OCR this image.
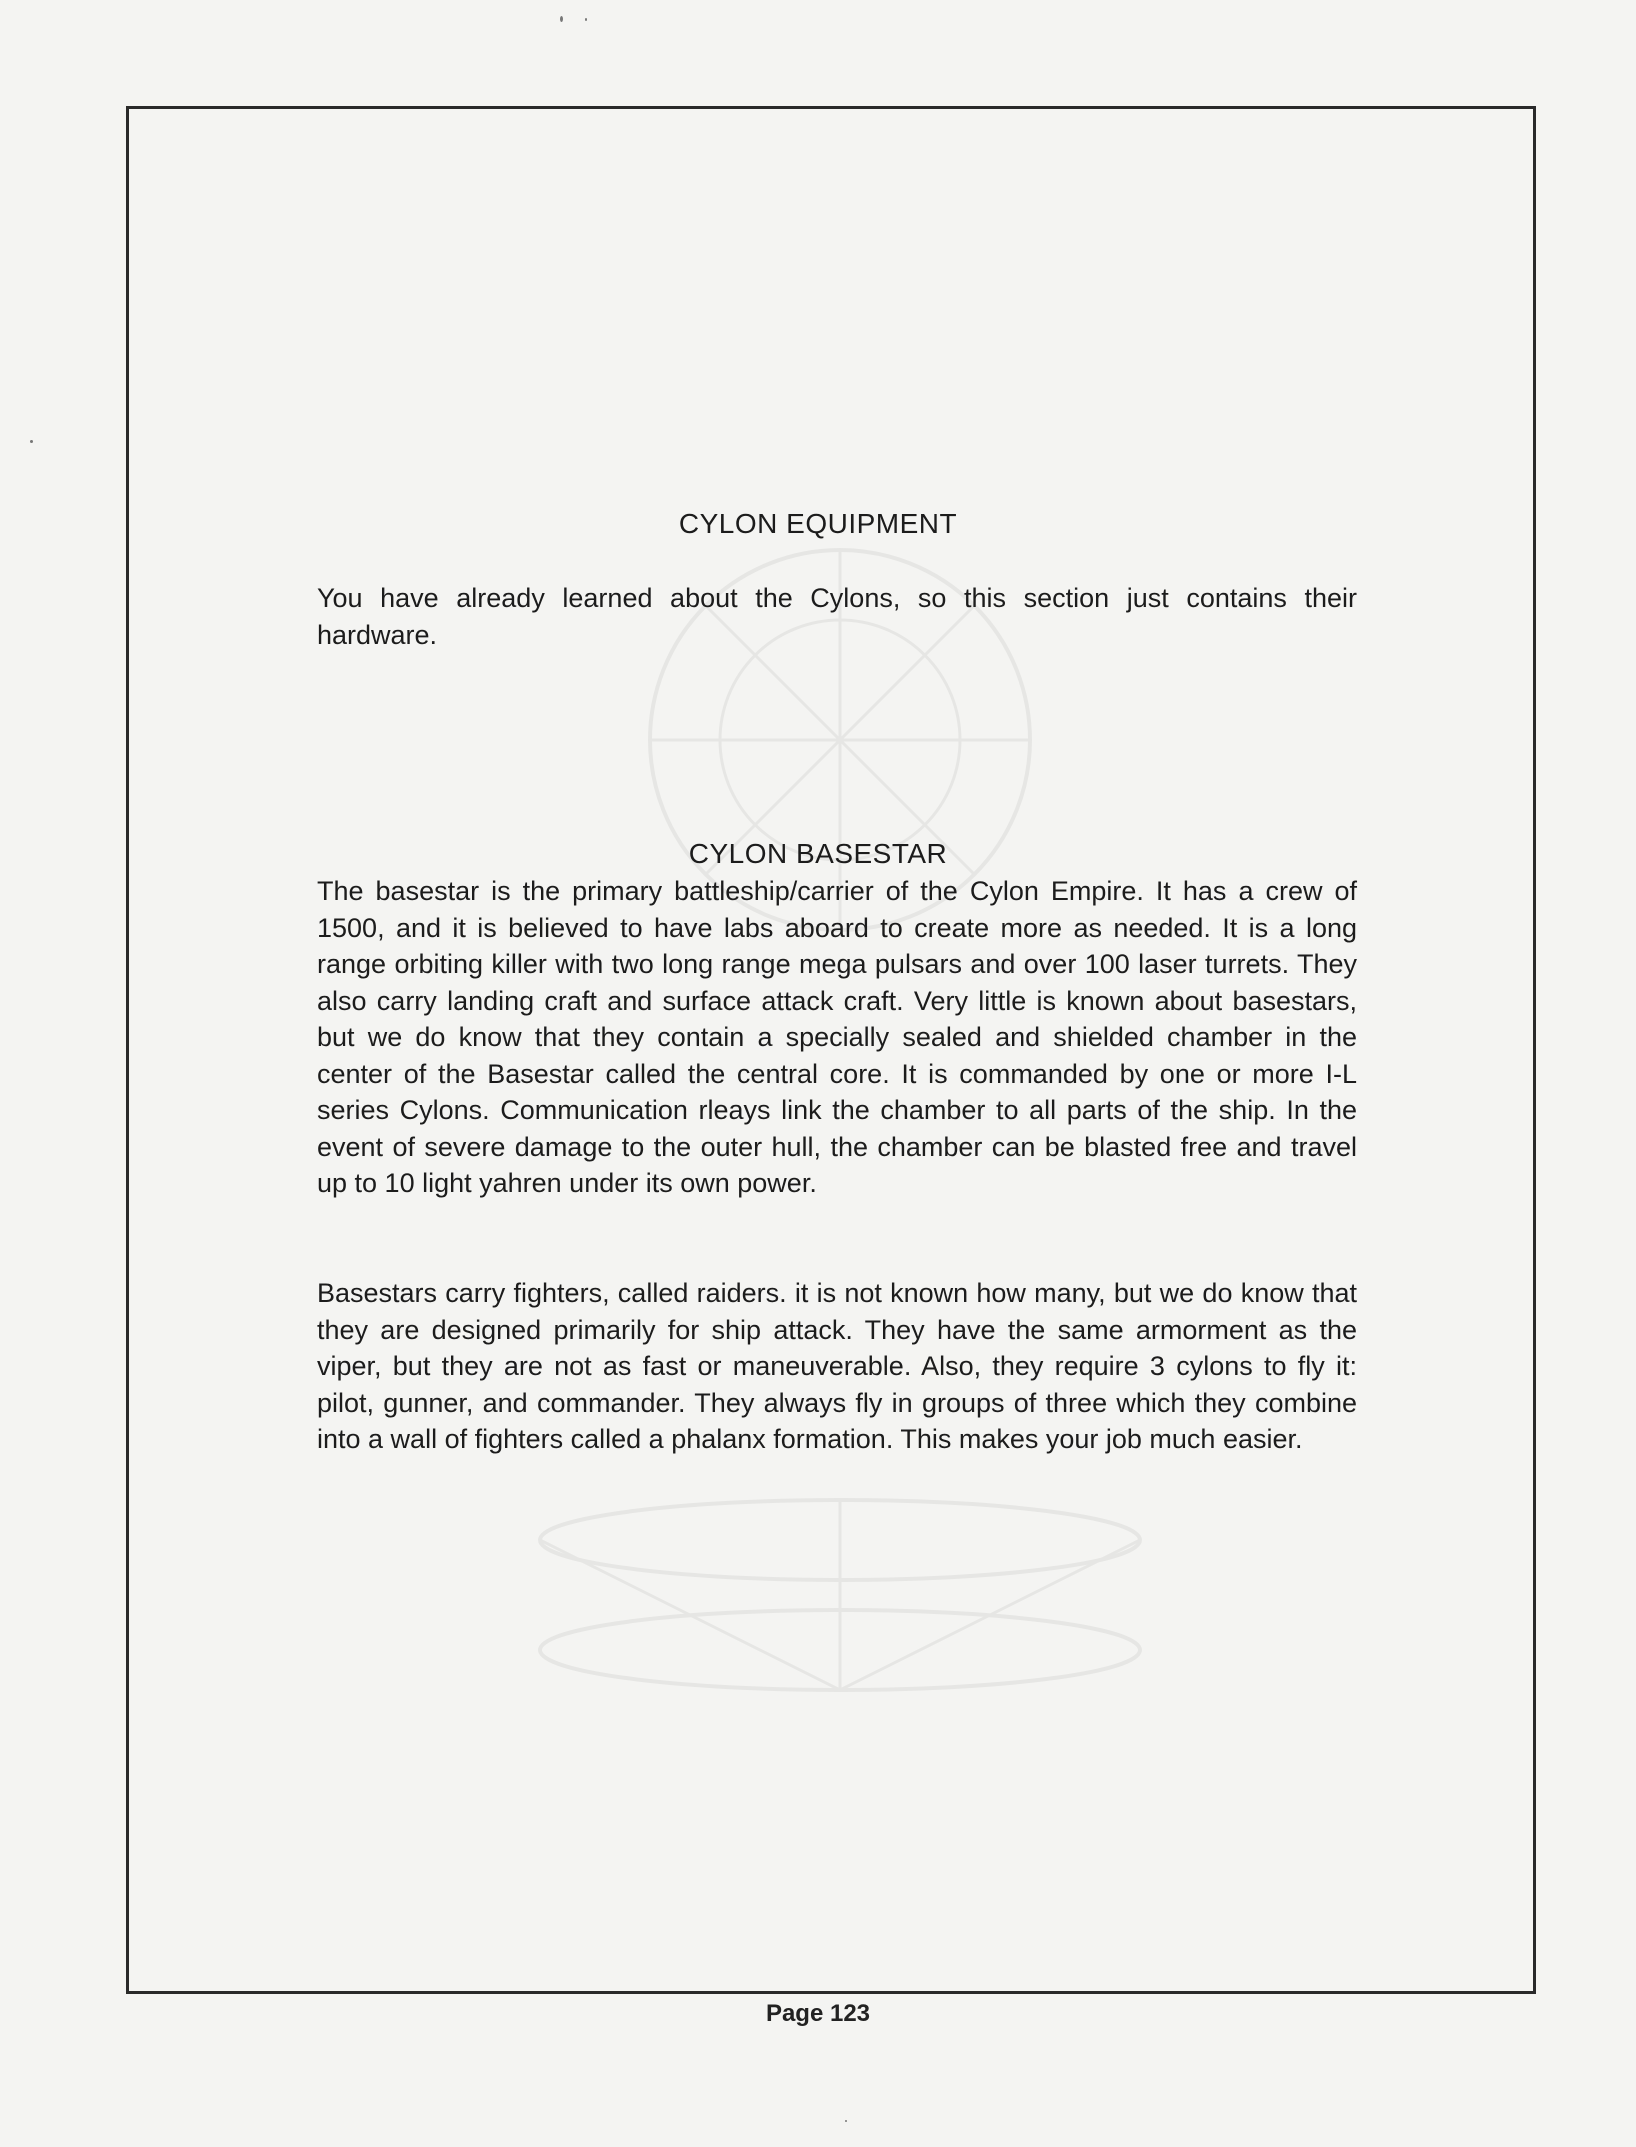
CYLON EQUIPMENT

You have already learned about the Cylons, so this section just contains their hardware.

CYLON BASESTAR

The basestar is the primary battleship/carrier of the Cylon Empire. It has a crew of 1500, and it is believed to have labs aboard to create more as needed. It is a long range orbiting killer with two long range mega pulsars and over 100 laser turrets. They also carry landing craft and surface attack craft. Very little is known about basestars, but we do know that they contain a specially sealed and shielded chamber in the center of the Basestar called the central core. It is commanded by one or more I-L series Cylons. Communication rleays link the chamber to all parts of the ship. In the event of severe damage to the outer hull, the chamber can be blasted free and travel up to 10 light yahren under its own power.

Basestars carry fighters, called raiders. it is not known how many, but we do know that they are designed primarily for ship attack. They have the same armorment as the viper, but they are not as fast or maneuverable. Also, they require 3 cylons to fly it: pilot, gunner, and commander. They always fly in groups of three which they combine into a wall of fighters called a phalanx formation. This makes your job much easier.

Page 123
